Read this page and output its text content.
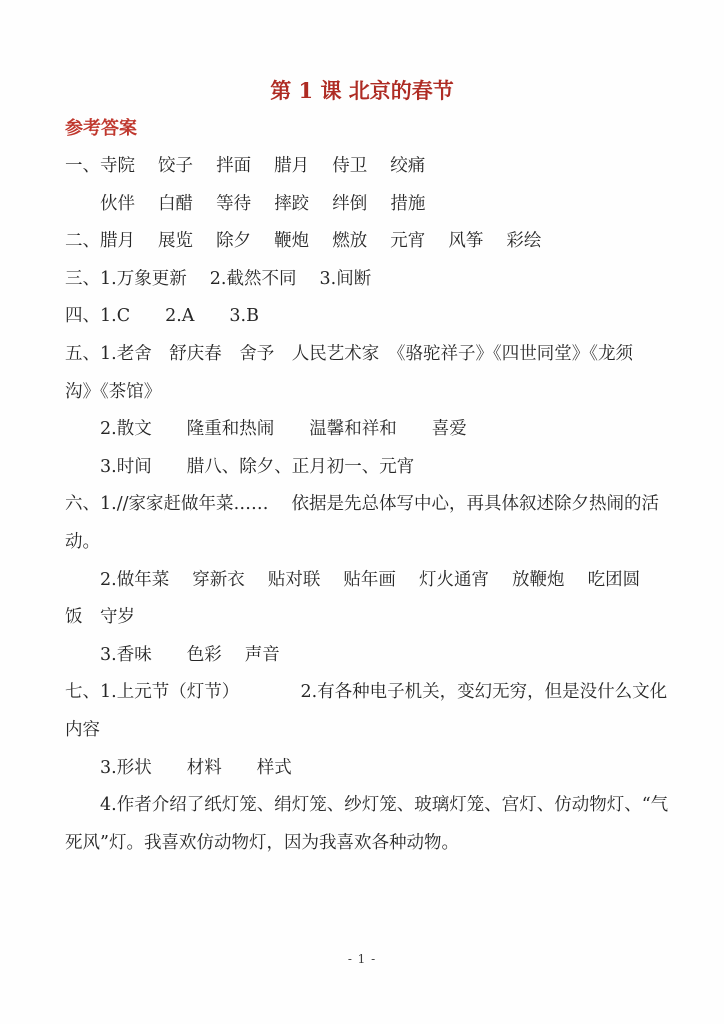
第 1 课 北京的春节
参考答案
一、寺院　 饺子　 拌面　 腊月　 侍卫　 绞痛
伙伴　 白醋　 等待　 摔跤　 绊倒　 措施
二、腊月　 展览　 除夕　 鞭炮　 燃放　 元宵　 风筝　 彩绘
三、1.万象更新　 2.截然不同　 3.间断
四、1.C　　2.A　　3.B
五、1.老舍　舒庆春　舍予　人民艺术家　《骆驼祥子》《四世同堂》《龙须
沟》《茶馆》
2.散文　　隆重和热闹　　温馨和祥和　　喜爱
3.时间　　腊八、除夕、正月初一、元宵
六、1.//家家赶做年菜……　 依据是先总体写中心，再具体叙述除夕热闹的活
动。
2.做年菜　 穿新衣　 贴对联　 贴年画　 灯火通宵　 放鞭炮　 吃团圆
饭　守岁
3.香味　　色彩　 声音
七、1.上元节（灯节）　　　　2.有各种电子机关，变幻无穷，但是没什么文化
内容
3.形状　　材料　　样式
4.作者介绍了纸灯笼、绢灯笼、纱灯笼、玻璃灯笼、宫灯、仿动物灯、“气
死风”灯。我喜欢仿动物灯，因为我喜欢各种动物。
- 1 -
